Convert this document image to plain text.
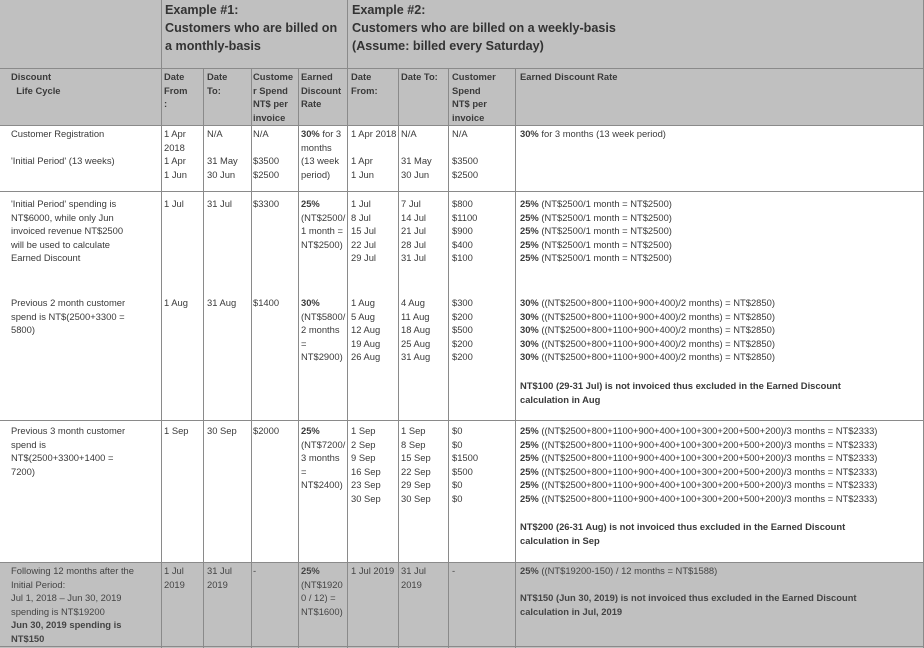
Example #1:
Customers who are billed on
a monthly-basis
Example #2:
Customers who are billed on a weekly-basis
(Assume: billed every Saturday)
Discount
Life Cycle
Date
From
:
Date
To:
Custome
r Spend
NT$ per
invoice
Earned
Discount
Rate
Date
From:
Date To: Customer
Spend
NT$ per
invoice
Earned Discount Rate
Customer Registration

'Initial Period' (13 weeks)
1 Apr
2018
1 Apr
1 Jun
N/A

31 May
30 Jun
N/A

$3500
$2500
30% for 3
months
(13 week
period)
1 Apr 2018

1 Apr
1 Jun
N/A

31 May
30 Jun
N/A

$3500
$2500
30% for 3 months (13 week period)
'Initial Period' spending is
NT$6000, while only Jun
invoiced revenue NT$2500
will be used to calculate
Earned Discount
1 Jul 31 Jul $3300 25%
(NT$2500/
1 month =
NT$2500)
1 Jul
8 Jul
15 Jul
22 Jul
29 Jul
7 Jul
14 Jul
21 Jul
28 Jul
31 Jul
$800
$1100
$900
$400
$100
25% (NT$2500/1 month = NT$2500)
25% (NT$2500/1 month = NT$2500)
25% (NT$2500/1 month = NT$2500)
25% (NT$2500/1 month = NT$2500)
25% (NT$2500/1 month = NT$2500)
Previous 2 month customer
spend is NT$(2500+3300 =
5800)
1 Aug 31 Aug $1400 30%
(NT$5800/
2 months
=
NT$2900)
1 Aug
5 Aug
12 Aug
19 Aug
26 Aug
4 Aug
11 Aug
18 Aug
25 Aug
31 Aug
$300
$200
$500
$200
$200
30% ((NT$2500+800+1100+900+400)/2 months) = NT$2850)
30% ((NT$2500+800+1100+900+400)/2 months) = NT$2850)
30% ((NT$2500+800+1100+900+400)/2 months) = NT$2850)
30% ((NT$2500+800+1100+900+400)/2 months) = NT$2850)
30% ((NT$2500+800+1100+900+400)/2 months) = NT$2850)
NT$100 (29-31 Jul) is not invoiced thus excluded in the Earned Discount
calculation in Aug
Previous 3 month customer
spend is
NT$(2500+3300+1400 =
7200)
1 Sep 30 Sep $2000 25%
(NT$7200/
3 months
=
NT$2400)
1 Sep
2 Sep
9 Sep
16 Sep
23 Sep
30 Sep
1 Sep
8 Sep
15 Sep
22 Sep
29 Sep
30 Sep
$0
$0
$1500
$500
$0
$0
25% ((NT$2500+800+1100+900+400+100+300+200+500+200)/3 months = NT$2333)
25% ((NT$2500+800+1100+900+400+100+300+200+500+200)/3 months = NT$2333)
25% ((NT$2500+800+1100+900+400+100+300+200+500+200)/3 months = NT$2333)
25% ((NT$2500+800+1100+900+400+100+300+200+500+200)/3 months = NT$2333)
25% ((NT$2500+800+1100+900+400+100+300+200+500+200)/3 months = NT$2333)
25% ((NT$2500+800+1100+900+400+100+300+200+500+200)/3 months = NT$2333)
NT$200 (26-31 Aug) is not invoiced thus excluded in the Earned Discount
calculation in Sep
Following 12 months after the
Initial Period:
Jul 1, 2018 – Jun 30, 2019
spending is NT$19200
Jun 30, 2019 spending is
NT$150
1 Jul
2019
31 Jul
2019
-	25%
(NT$1920
0 / 12) =
NT$1600)
1 Jul 2019 31 Jul
2019
-	25% ((NT$19200-150) / 12 months = NT$1588)
NT$150 (Jun 30, 2019) is not invoiced thus excluded in the Earned Discount
calculation in Jul, 2019
